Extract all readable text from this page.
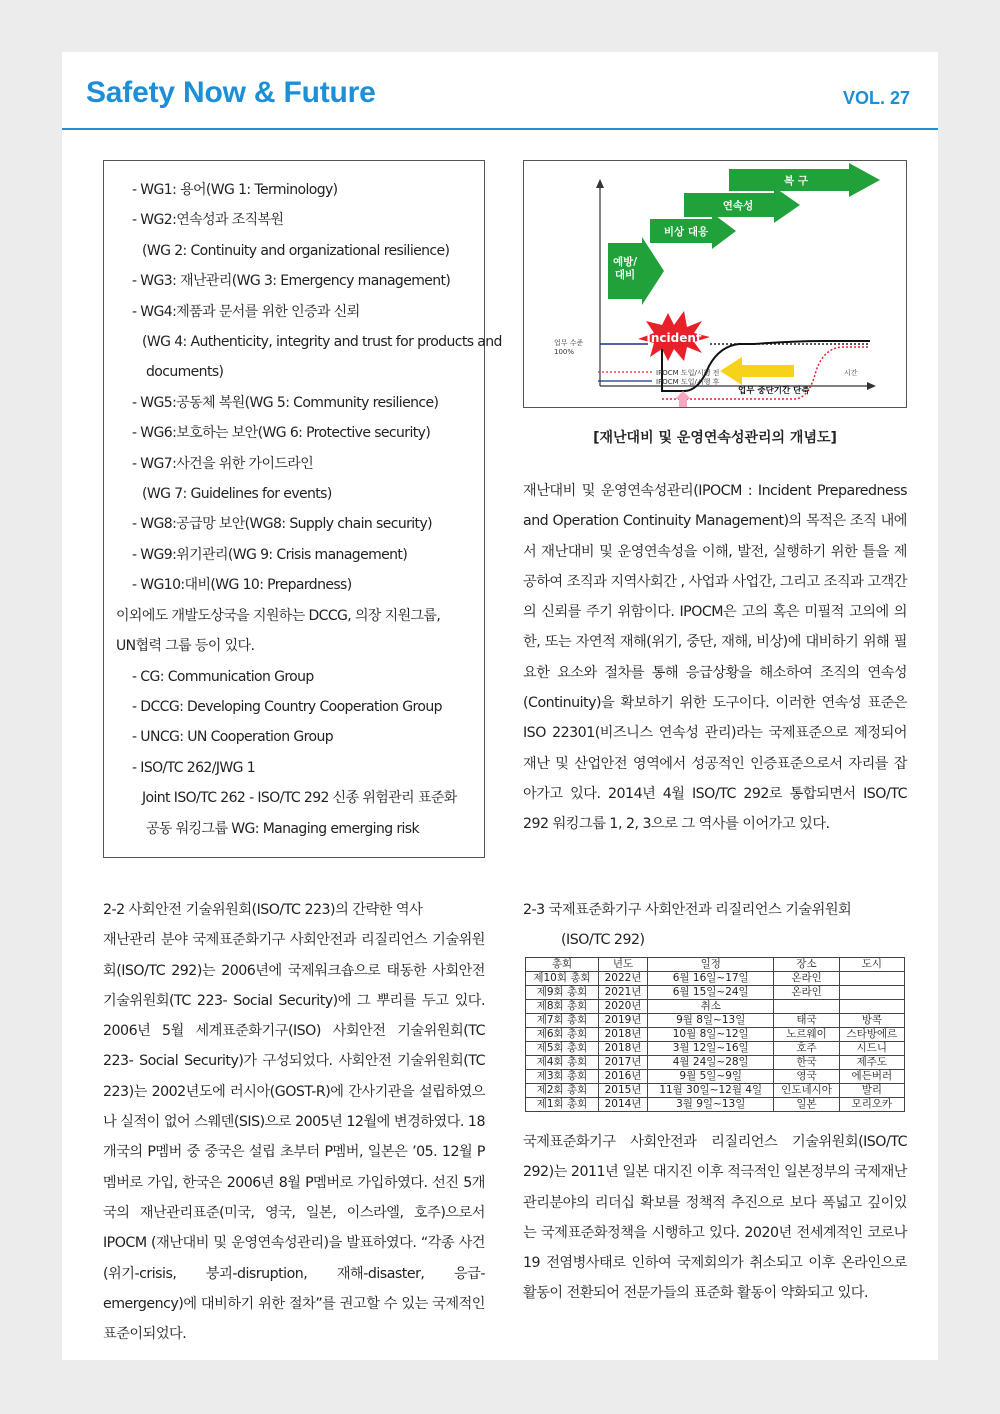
Safety Now & Future	VOL. 27
- WG1: 용어(WG 1: Terminology)
- WG2:연속성과 조직복원
(WG 2: Continuity and organizational resilience)
- WG3: 재난관리(WG 3: Emergency management)
- WG4:제품과 문서를 위한 인증과 신뢰
(WG 4: Authenticity, integrity and trust for products and
documents)
- WG5:공동체 복원(WG 5: Community resilience)
- WG6:보호하는 보안(WG 6: Protective security)
- WG7:사건을 위한 가이드라인
(WG 7: Guidelines for events)
- WG8:공급망 보안(WG8: Supply chain security)
- WG9:위기관리(WG 9: Crisis management)
- WG10:대비(WG 10: Prepardness)
이외에도 개발도상국을 지원하는 DCCG, 의장 지원그룹,
UN협력 그룹 등이 있다.
- CG: Communication Group
- DCCG: Developing Country Cooperation Group
- UNCG: UN Cooperation Group
- ISO/TC 262/JWG 1
Joint ISO/TC 262 - ISO/TC 292 신종 위험관리 표준화
공동 워킹그룹 WG: Managing emerging risk
복 구
연속성
비상 대응
예방/ 대비
Incident
업무 수준
100%
업무 중단기간 단축
시간
IPOCM 도입/시행 전
IPOCM 도입/시행 후
[재난대비 및 운영연속성관리의 개념도]

재난대비 및 운영연속성관리(IPOCM : Incident Preparedness and Operation Continuity Management)의 목적은 조직 내에서 재난대비 및 운영연속성을 이해, 발전, 실행하기 위한 틀을 제공하여 조직과 지역사회간 , 사업과 사업간, 그리고 조직과 고객간의 신뢰를 주기 위함이다. IPOCM은 고의 혹은 미필적 고의에 의한, 또는 자연적 재해(위기, 중단, 재해, 비상)에 대비하기 위해 필요한 요소와 절차를 통해 응급상황을 해소하여 조직의 연속성(Continuity)을 확보하기 위한 도구이다. 이러한 연속성 표준은 ISO 22301(비즈니스 연속성 관리)라는 국제표준으로 제정되어 재난 및 산업안전 영역에서 성공적인 인증표준으로서 자리를 잡아가고 있다. 2014년 4월 ISO/TC 292로 통합되면서 ISO/TC 292 워킹그룹 1, 2, 3으로 그 역사를 이어가고 있다.

2-2 사회안전 기술위원회(ISO/TC 223)의 간략한 역사

재난관리 분야 국제표준화기구 사회안전과 리질리언스 기술위원회(ISO/TC 292)는 2006년에 국제워크숍으로 태동한 사회안전 기술위원회(TC 223- Social Security)에 그 뿌리를 두고 있다. 2006년 5월 세계표준화기구(ISO) 사회안전 기술위원회(TC 223- Social Security)가 구성되었다. 사회안전 기술위원회(TC 223)는 2002년도에 러시아(GOST-R)에 간사기관을 설립하였으나 실적이 없어 스웨덴(SIS)으로 2005년 12월에 변경하였다. 18개국의 P멤버 중 중국은 설립 초부터 P멤버, 일본은 ’05. 12월 P멤버로 가입, 한국은 2006년 8월 P멤버로 가입하였다. 선진 5개국의 재난관리표준(미국, 영국, 일본, 이스라엘, 호주)으로서 IPOCM (재난대비 및 운영연속성관리)을 발표하였다. “각종 사건(위기-crisis, 붕괴-disruption, 재해-disaster, 응급-emergency)에 대비하기 위한 절차”를 권고할 수 있는 국제적인 표준이되었다.

2-3 국제표준화기구 사회안전과 리질리언스 기술위원회

(ISO/TC 292)

총회	년도	일정	장소	도시
제10회 총회	2022년	6월 16일~17일	온라인	
제9회 총회	2021년	6월 15일~24일	온라인	
제8회 총회	2020년	취소		
제7회 총회	2019년	9월 8일~13일	태국	방콕
제6회 총회	2018년	10월 8일~12일	노르웨이	스타방에르
제5회 총회	2018년	3월 12일~16일	호주	시드니
제4회 총회	2017년	4월 24일~28일	한국	제주도
제3회 총회	2016년	9월 5일~9일	영국	에든버러
제2회 총회	2015년	11월 30일~12월 4일	인도네시아	발리
제1회 총회	2014년	3월 9일~13일	일본	모리오카

국제표준화기구 사회안전과 리질리언스 기술위원회(ISO/TC 292)는 2011년 일본 대지진 이후 적극적인 일본정부의 국제재난관리분야의 리더십 확보를 정책적 추진으로 보다 폭넓고 깊이있는 국제표준화정책을 시행하고 있다. 2020년 전세계적인 코로나 19 전염병사태로 인하여 국제회의가 취소되고 이후 온라인으로 활동이 전환되어 전문가들의 표준화 활동이 약화되고 있다.
